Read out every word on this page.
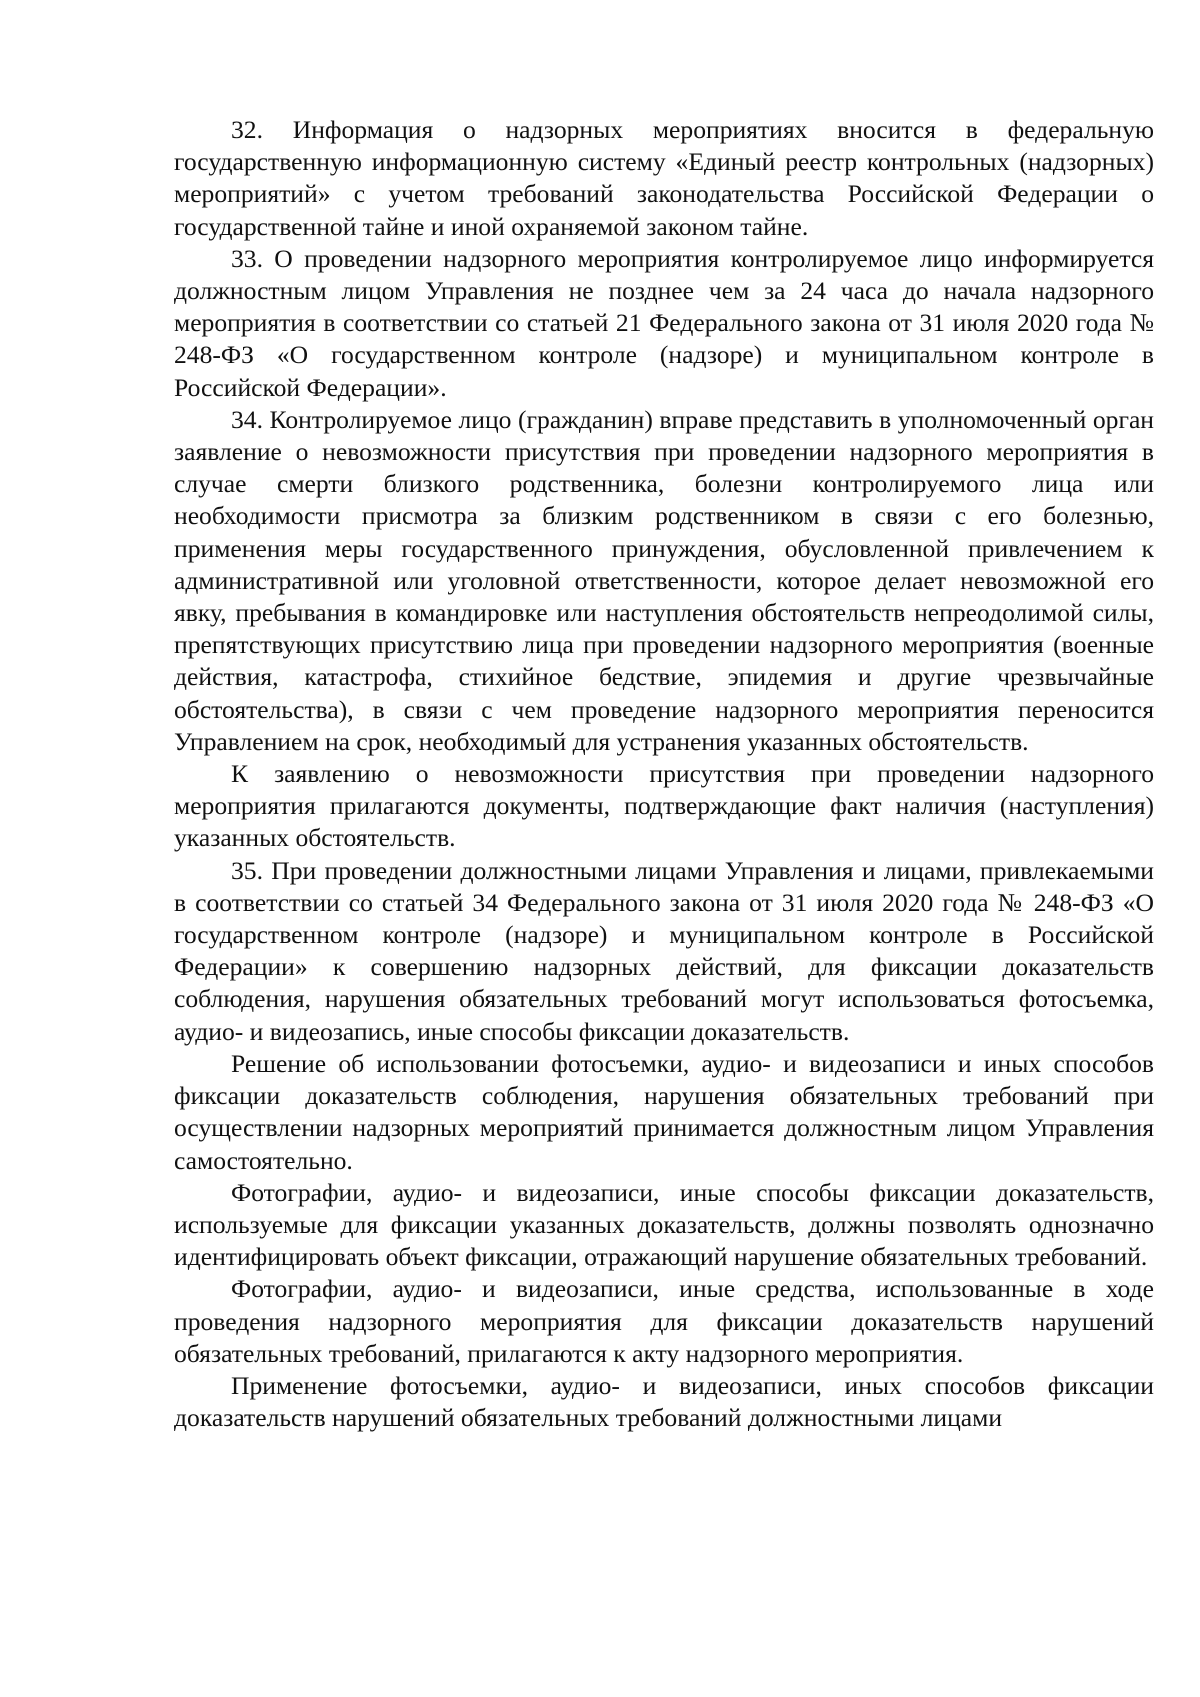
32. Информация о надзорных мероприятиях вносится в федеральную государственную информационную систему «Единый реестр контрольных (надзорных) мероприятий» с учетом требований законодательства Российской Федерации о государственной тайне и иной охраняемой законом тайне.

33. О проведении надзорного мероприятия контролируемое лицо информируется должностным лицом Управления не позднее чем за 24 часа до начала надзорного мероприятия в соответствии со статьей 21 Федерального закона от 31 июля 2020 года № 248-ФЗ «О государственном контроле (надзоре) и муниципальном контроле в Российской Федерации».

34. Контролируемое лицо (гражданин) вправе представить в уполномоченный орган заявление о невозможности присутствия при проведении надзорного мероприятия в случае смерти близкого родственника, болезни контролируемого лица или необходимости присмотра за близким родственником в связи с его болезнью, применения меры государственного принуждения, обусловленной привлечением к административной или уголовной ответственности, которое делает невозможной его явку, пребывания в командировке или наступления обстоятельств непреодолимой силы, препятствующих присутствию лица при проведении надзорного мероприятия (военные действия, катастрофа, стихийное бедствие, эпидемия и другие чрезвычайные обстоятельства), в связи с чем проведение надзорного мероприятия переносится Управлением на срок, необходимый для устранения указанных обстоятельств.

К заявлению о невозможности присутствия при проведении надзорного мероприятия прилагаются документы, подтверждающие факт наличия (наступления) указанных обстоятельств.

35. При проведении должностными лицами Управления и лицами, привлекаемыми в соответствии со статьей 34 Федерального закона от 31 июля 2020 года № 248-ФЗ «О государственном контроле (надзоре) и муниципальном контроле в Российской Федерации» к совершению надзорных действий, для фиксации доказательств соблюдения, нарушения обязательных требований могут использоваться фотосъемка, аудио- и видеозапись, иные способы фиксации доказательств.

Решение об использовании фотосъемки, аудио- и видеозаписи и иных способов фиксации доказательств соблюдения, нарушения обязательных требований при осуществлении надзорных мероприятий принимается должностным лицом Управления самостоятельно.

Фотографии, аудио- и видеозаписи, иные способы фиксации доказательств, используемые для фиксации указанных доказательств, должны позволять однозначно идентифицировать объект фиксации, отражающий нарушение обязательных требований.

Фотографии, аудио- и видеозаписи, иные средства, использованные в ходе проведения надзорного мероприятия для фиксации доказательств нарушений обязательных требований, прилагаются к акту надзорного мероприятия.

Применение фотосъемки, аудио- и видеозаписи, иных способов фиксации доказательств нарушений обязательных требований должностными лицами
